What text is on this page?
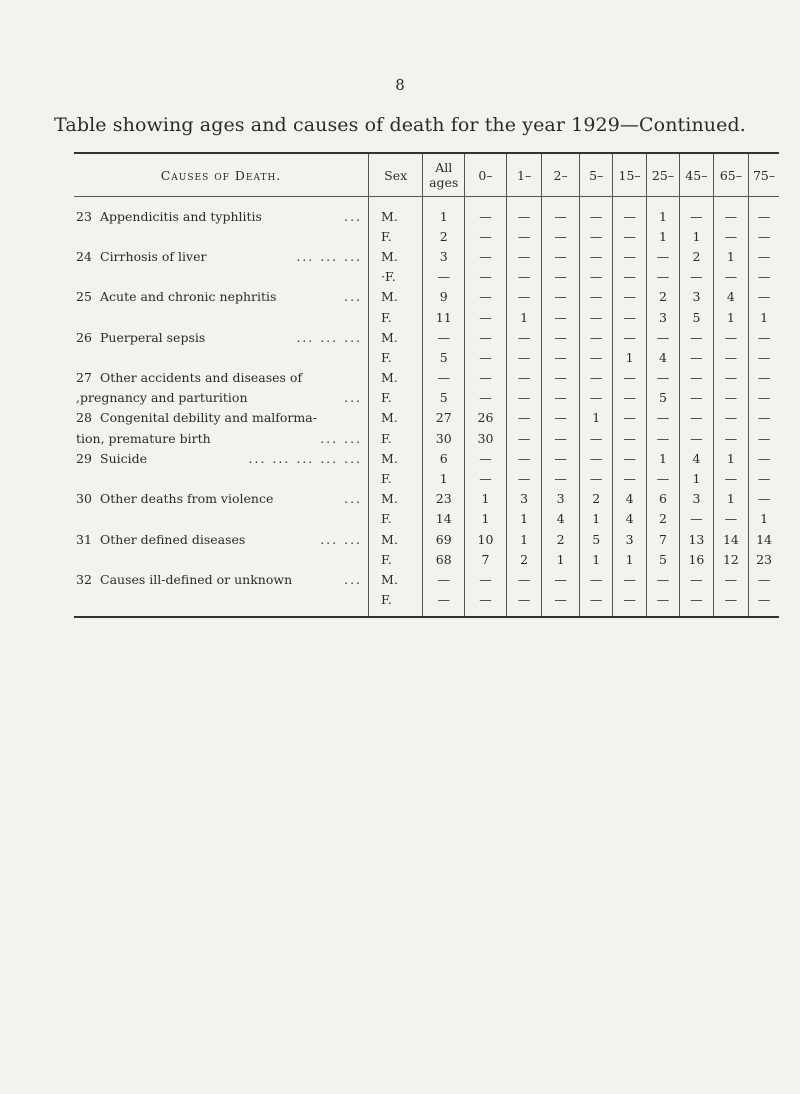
8
Table showing ages and causes of death for the year 1929—Continued.
Causes of Death.	Sex	All
ages	0–	1–	2–	5–	15–	25–	45–	65–	75–
23 Appendicitis and typhlitis ...	M.	1	—	—	—	—	—	1	—	—	—

	F.	2	—	—	—	—	—	1	1	—	—
24 Cirrhosis of liver ... ... ...	M.	3	—	—	—	—	—	—	2	1	—

	·F.	—	—	—	—	—	—	—	—	—	—
25 Acute and chronic nephritis ...	M.	9	—	—	—	—	—	2	3	4	—

	F.	11	—	1	—	—	—	3	5	1	1
26 Puerperal sepsis ... ... ...	M.	—	—	—	—	—	—	—	—	—	—

	F.	5	—	—	—	—	1	4	—	—	—
27 Other accidents and diseases of	M.	—	—	—	—	—	—	—	—	—	—
,pregnancy and parturition ...	F.	5	—	—	—	—	—	5	—	—	—
28 Congenital debility and malforma-	M.	27	26	—	—	1	—	—	—	—	—
tion, premature birth ... ...	F.	30	30	—	—	—	—	—	—	—	—
29 Suicide ... ... ... ... ...	M.	6	—	—	—	—	—	1	4	1	—

	F.	1	—	—	—	—	—	—	1	—	—
30 Other deaths from violence ...	M.	23	1	3	3	2	4	6	3	1	—

	F.	14	1	1	4	1	4	2	—	—	1
31 Other defined diseases ... ...	M.	69	10	1	2	5	3	7	13	14	14

	F.	68	7	2	1	1	1	5	16	12	23
32 Causes ill-defined or unknown ...	M.	—	—	—	—	—	—	—	—	—	—

	F.	—	—	—	—	—	—	—	—	—	—
